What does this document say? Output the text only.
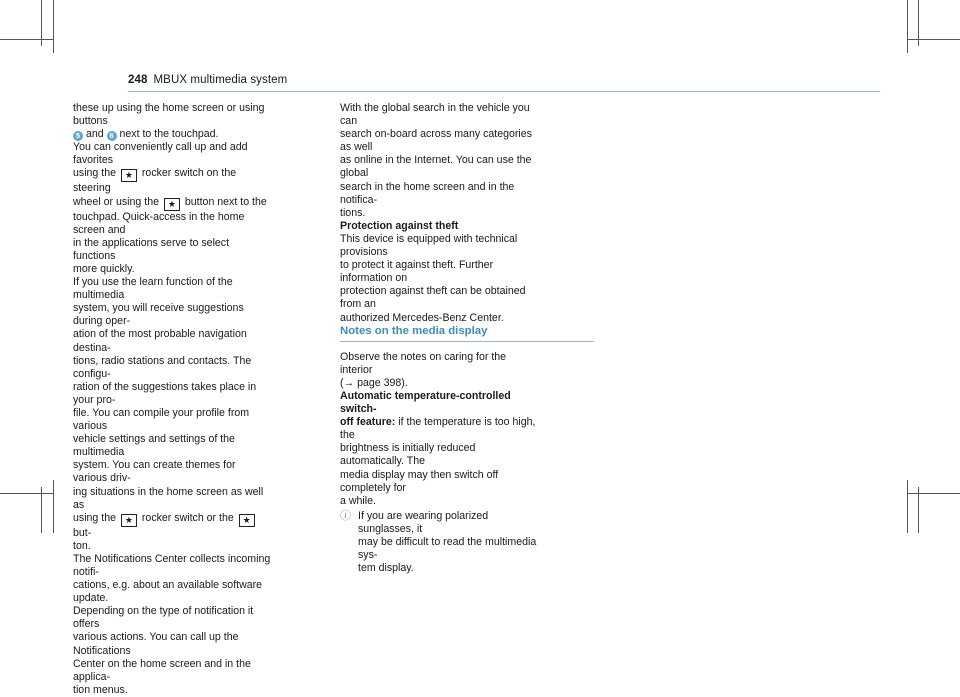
248 MBUX multimedia system

these up using the home screen or using buttons
5 and 6 next to the touchpad.

You can conveniently call up and add favorites
using the ★ rocker switch on the steering
wheel or using the ★ button next to the
touchpad. Quick-access in the home screen and
in the applications serve to select functions
more quickly.

If you use the learn function of the multimedia
system, you will receive suggestions during oper-
ation of the most probable navigation destina-
tions, radio stations and contacts. The configu-
ration of the suggestions takes place in your pro-
file. You can compile your profile from various
vehicle settings and settings of the multimedia
system. You can create themes for various driv-
ing situations in the home screen as well as
using the ★ rocker switch or the ★ but-
ton.

The Notifications Center collects incoming notifi-
cations, e.g. about an available software update.
Depending on the type of notification it offers
various actions. You can call up the Notifications
Center on the home screen and in the applica-
tion menus.

With the global search in the vehicle you can
search on-board across many categories as well
as online in the Internet. You can use the global
search in the home screen and in the notifica-
tions.

Protection against theft

This device is equipped with technical provisions
to protect it against theft. Further information on
protection against theft can be obtained from an
authorized Mercedes-Benz Center.

Notes on the media display

Observe the notes on caring for the interior
(→ page 398).

Automatic temperature-controlled switch-
off feature: if the temperature is too high, the
brightness is initially reduced automatically. The
media display may then switch off completely for
a while.

ⓘ If you are wearing polarized sunglasses, it
may be difficult to read the multimedia sys-
tem display.
